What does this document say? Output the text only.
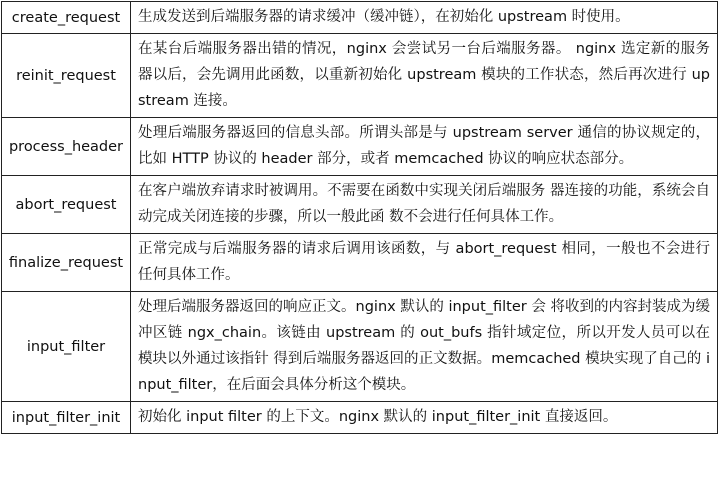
create_request	生成发送到后端服务器的请求缓冲（缓冲链），在初始化 upstream 时使用。
reinit_request	在某台后端服务器出错的情况，nginx 会尝试另一台后端服务器。 nginx 选定新的服务器以后，会先调用此函数，以重新初始化 upstream 模块的工作状态，然后再次进行 upstream 连接。
process_header	处理后端服务器返回的信息头部。所谓头部是与 upstream server 通信的协议规定的，比如 HTTP 协议的 header 部分，或者 memcached 协议的响应状态部分。
abort_request	在客户端放弃请求时被调用。不需要在函数中实现关闭后端服务 器连接的功能，系统会自动完成关闭连接的步骤，所以一般此函 数不会进行任何具体工作。
finalize_request	正常完成与后端服务器的请求后调用该函数，与 abort_request 相同，一般也不会进行任何具体工作。
input_filter	处理后端服务器返回的响应正文。nginx 默认的 input_filter 会 将收到的内容封装成为缓冲区链 ngx_chain。该链由 upstream 的 out_bufs 指针域定位，所以开发人员可以在模块以外通过该指针 得到后端服务器返回的正文数据。memcached 模块实现了自己的 input_filter，在后面会具体分析这个模块。
input_filter_init	初始化 input filter 的上下文。nginx 默认的 input_filter_init 直接返回。
